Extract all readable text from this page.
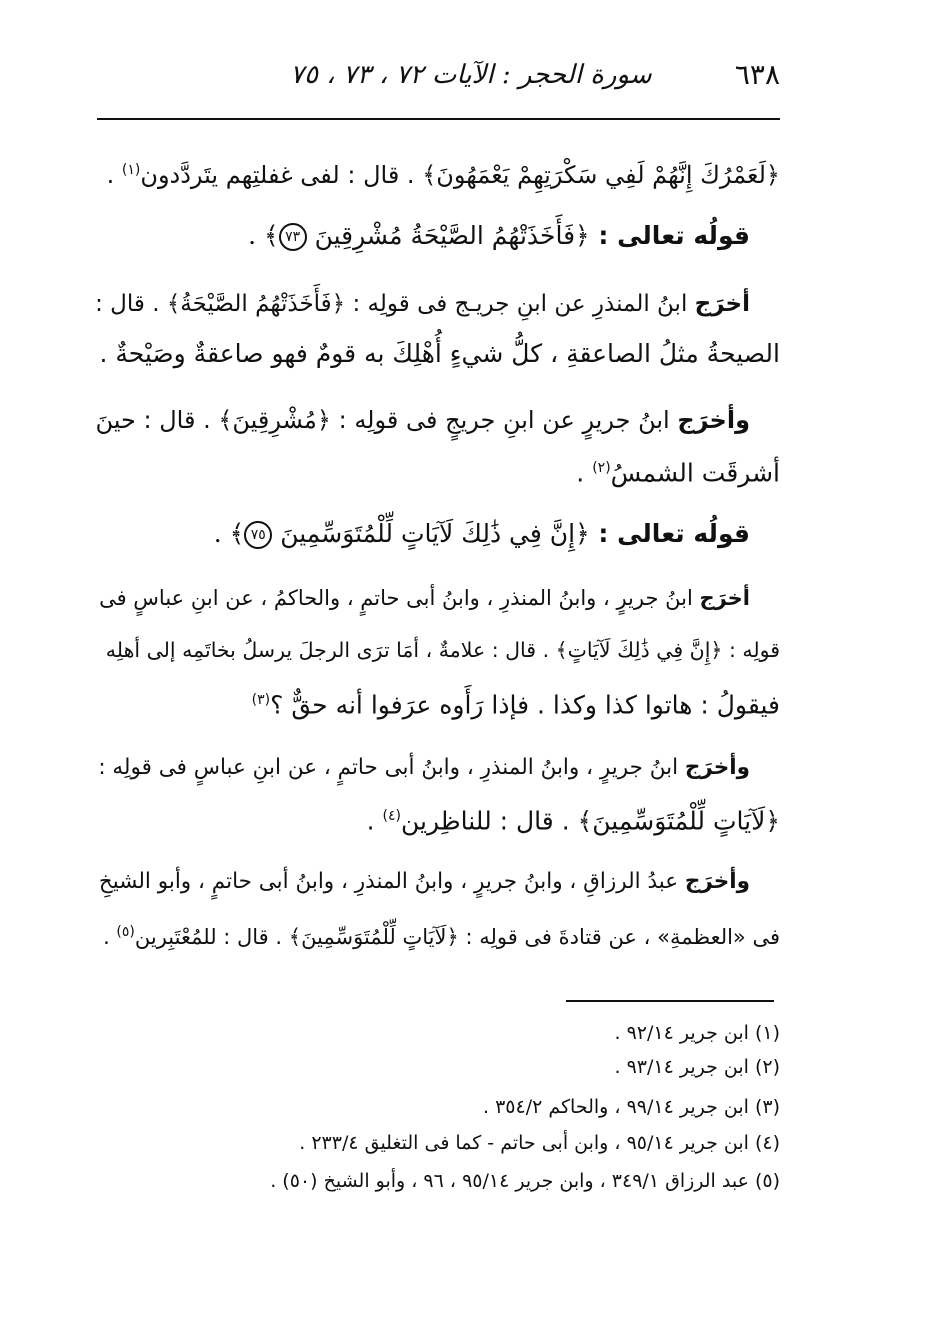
٦٣٨
سورة الحجر : الآيات ٧٢ ، ٧٣ ، ٧٥
﴿لَعَمْرُكَ إِنَّهُمْ لَفِي سَكْرَتِهِمْ يَعْمَهُونَ﴾ . قال : لفى غفلتِهم يتَردَّدون$^{(١)}$ .
قولُه تعالى : ﴿فَأَخَذَتْهُمُ الصَّيْحَةُ مُشْرِقِينَ ٧٣﴾ .
أخرَج ابنُ المنذرِ عن ابنِ جريـج فى قولِه : ﴿فَأَخَذَتْهُمُ الصَّيْحَةُ﴾ . قال :
الصيحةُ مثلُ الصاعقةِ ، كلُّ شيءٍ أُهْلِكَ به قومٌ فهو صاعقةٌ وصَيْحةٌ .
وأخرَج ابنُ جريرٍ عن ابنِ جريجٍ فى قولِه : ﴿مُشْرِقِينَ﴾ . قال : حينَ
أشرقَت الشمسُ$^{(٢)}$ .
قولُه تعالى : ﴿إِنَّ فِي ذَٰلِكَ لَآيَاتٍ لِّلْمُتَوَسِّمِينَ ٧٥﴾ .
أخرَج ابنُ جريرٍ ، وابنُ المنذرِ ، وابنُ أبى حاتمٍ ، والحاكمُ ، عن ابنِ عباسٍ فى
قولِه : ﴿إِنَّ فِي ذَٰلِكَ لَآيَاتٍ﴾ . قال : علامةٌ ، أمَا ترَى الرجلَ يرسلُ بخاتَمِه إلى أهلِه
فيقولُ : هاتوا كذا وكذا . فإذا رَأَوه عرَفوا أنه حقٌّ ؟$^{(٣)}$
وأخرَج ابنُ جريرٍ ، وابنُ المنذرِ ، وابنُ أبى حاتمٍ ، عن ابنِ عباسٍ فى قولِه :
﴿لَآيَاتٍ لِّلْمُتَوَسِّمِينَ﴾ . قال : للناظِرين$^{(٤)}$ .
وأخرَج عبدُ الرزاقِ ، وابنُ جريرٍ ، وابنُ المنذرِ ، وابنُ أبى حاتمٍ ، وأبو الشيخِ
فى «العظمةِ» ، عن قتادةَ فى قولِه : ﴿لَآيَاتٍ لِّلْمُتَوَسِّمِينَ﴾ . قال : للمُعْتَبِرين$^{(٥)}$ .
(١) ابن جرير ٩٢/١٤ .
(٢) ابن جرير ٩٣/١٤ .
(٣) ابن جرير ٩٩/١٤ ، والحاكم ٣٥٤/٢ .
(٤) ابن جرير ٩٥/١٤ ، وابن أبى حاتم - كما فى التغليق ٢٣٣/٤ .
(٥) عبد الرزاق ٣٤٩/١ ، وابن جرير ٩٥/١٤ ، ٩٦ ، وأبو الشيخ (٥٠) .
